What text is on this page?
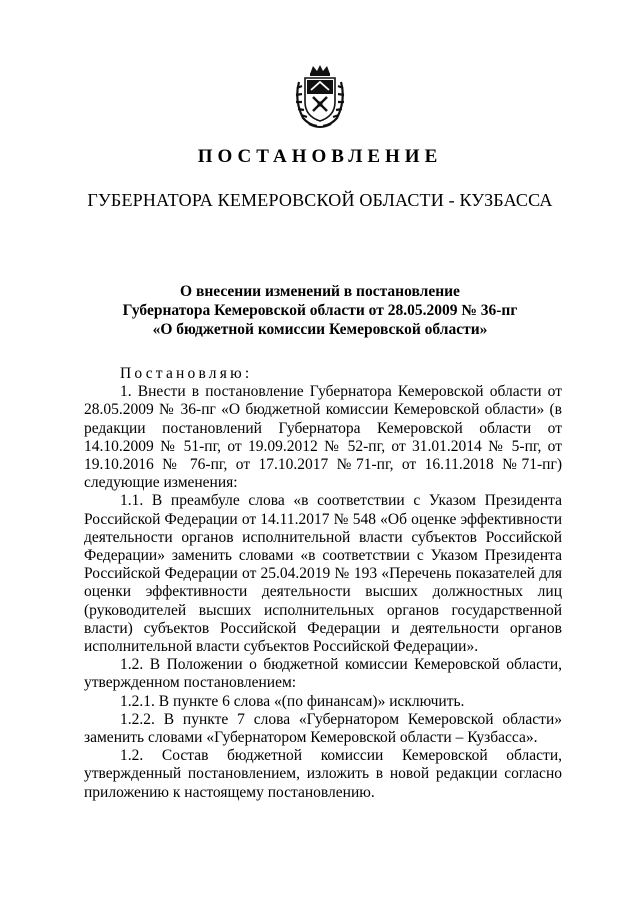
ПОСТАНОВЛЕНИЕ
ГУБЕРНАТОРА КЕМЕРОВСКОЙ ОБЛАСТИ - КУЗБАССА
О внесении изменений в постановление
Губернатора Кемеровской области от 28.05.2009 № 36-пг
«О бюджетной комиссии Кемеровской области»
Постановляю:

1. Внести в постановление Губернатора Кемеровской области от 28.05.2009 № 36-пг «О бюджетной комиссии Кемеровской области» (в редакции постановлений Губернатора Кемеровской области от 14.10.2009 № 51-пг, от 19.09.2012 № 52-пг, от 31.01.2014 № 5-пг, от 19.10.2016 № 76-пг, от 17.10.2017 №71-пг, от 16.11.2018 №71-пг) следующие изменения:

1.1. В преамбуле слова «в соответствии с Указом Президента Российской Федерации от 14.11.2017 № 548 «Об оценке эффективности деятельности органов исполнительной власти субъектов Российской Федерации» заменить словами «в соответствии с Указом Президента Российской Федерации от 25.04.2019 № 193 «Перечень показателей для оценки эффективности деятельности высших должностных лиц (руководителей высших исполнительных органов государственной власти) субъектов Российской Федерации и деятельности органов исполнительной власти субъектов Российской Федерации».

1.2. В Положении о бюджетной комиссии Кемеровской области, утвержденном постановлением:

1.2.1. В пункте 6 слова «(по финансам)» исключить.

1.2.2. В пункте 7 слова «Губернатором Кемеровской области» заменить словами «Губернатором Кемеровской области – Кузбасса».

1.2. Состав бюджетной комиссии Кемеровской области, утвержденный постановлением, изложить в новой редакции согласно приложению к настоящему постановлению.
